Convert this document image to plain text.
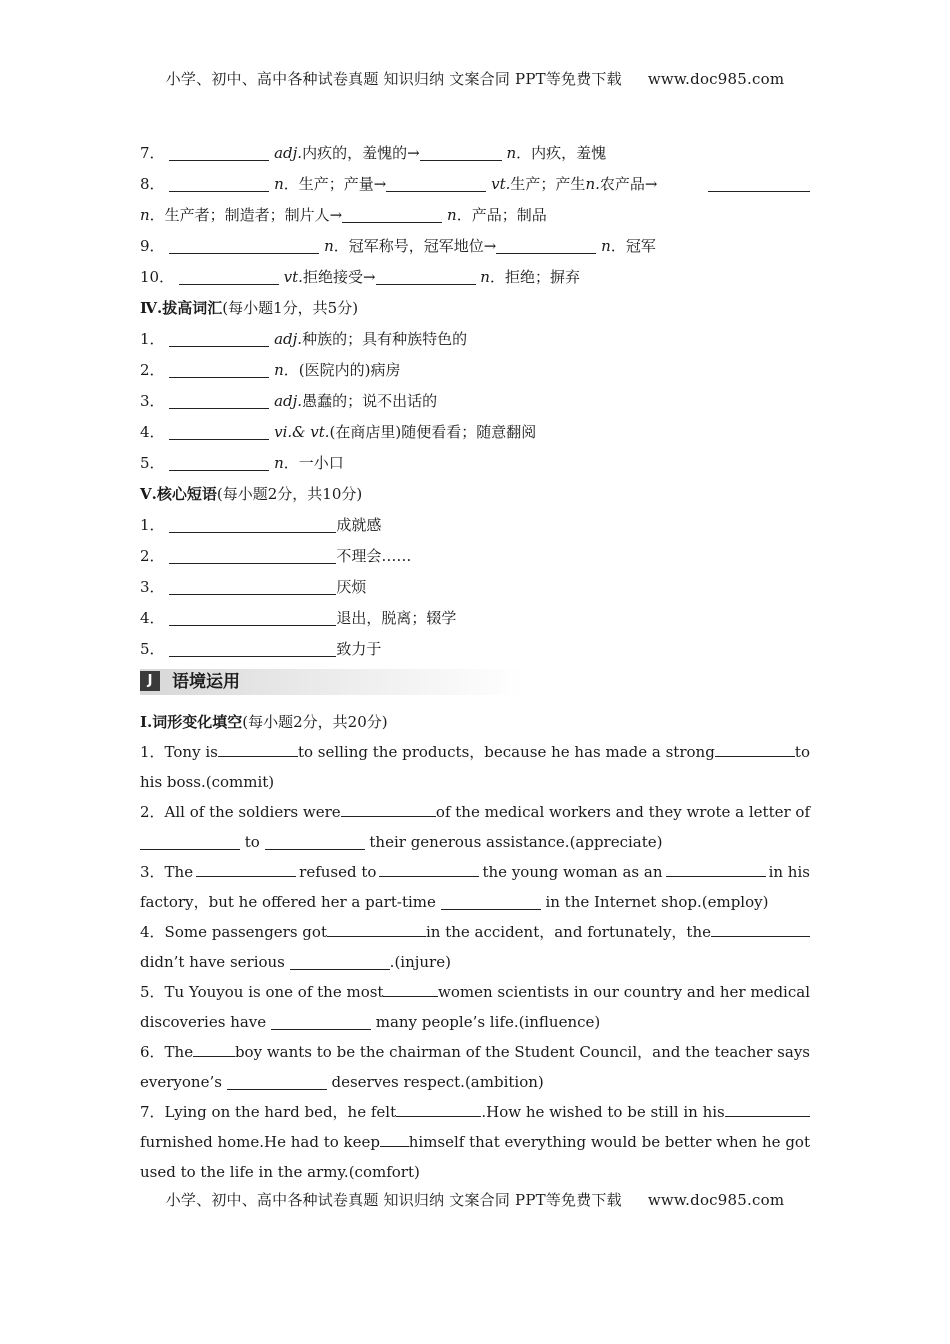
小学、初中、高中各种试卷真题 知识归纳 文案合同 PPT等免费下载 www.doc985.com
7．	adj.内疚的，羞愧的→	n．内疚，羞愧
8．	n．生产；产量→	vt.生产；产生n.农产品→
n．生产者；制造者；制片人→	n．产品；制品
9．	n．冠军称号，冠军地位→	n．冠军
10．	vt.拒绝接受→	n．拒绝；摒弃
Ⅳ.拔高词汇(每小题1分，共5分)
1．	adj.种族的；具有种族特色的
2．	n．(医院内的)病房
3．	adj.愚蠢的；说不出话的
4．	vi.& vt.(在商店里)随便看看；随意翻阅
5．	n．一小口
Ⅴ.核心短语(每小题2分，共10分)
1．	成就感
2．	不理会……
3．	厌烦
4．	退出，脱离；辍学
5．	致力于
J	语境运用
Ⅰ.词形变化填空(每小题2分，共20分)
1．Tony is	to selling the products，because he has made a strong	to
his boss.(commit)
2．All of the soldiers were	of the medical workers and they wrote a letter of
to	their generous assistance.(appreciate)
3．The	refused to	the young woman as an	in his
factory，but he offered her a part-time	in the Internet shop.(employ)
4．Some passengers got	in the accident，and fortunately，the
didn’t have serious	.(injure)
5．Tu Youyou is one of the most	women scientists in our country and her medical
discoveries have	many people’s life.(influence)
6．The	boy wants to be the chairman of the Student Council，and the teacher says
everyone’s	deserves respect.(ambition)
7．Lying on the hard bed，he felt	.How he wished to be still in his
furnished home.He had to keep himself that everything would be better when he got
used to the life in the army.(comfort)
小学、初中、高中各种试卷真题 知识归纳 文案合同 PPT等免费下载 www.doc985.com
